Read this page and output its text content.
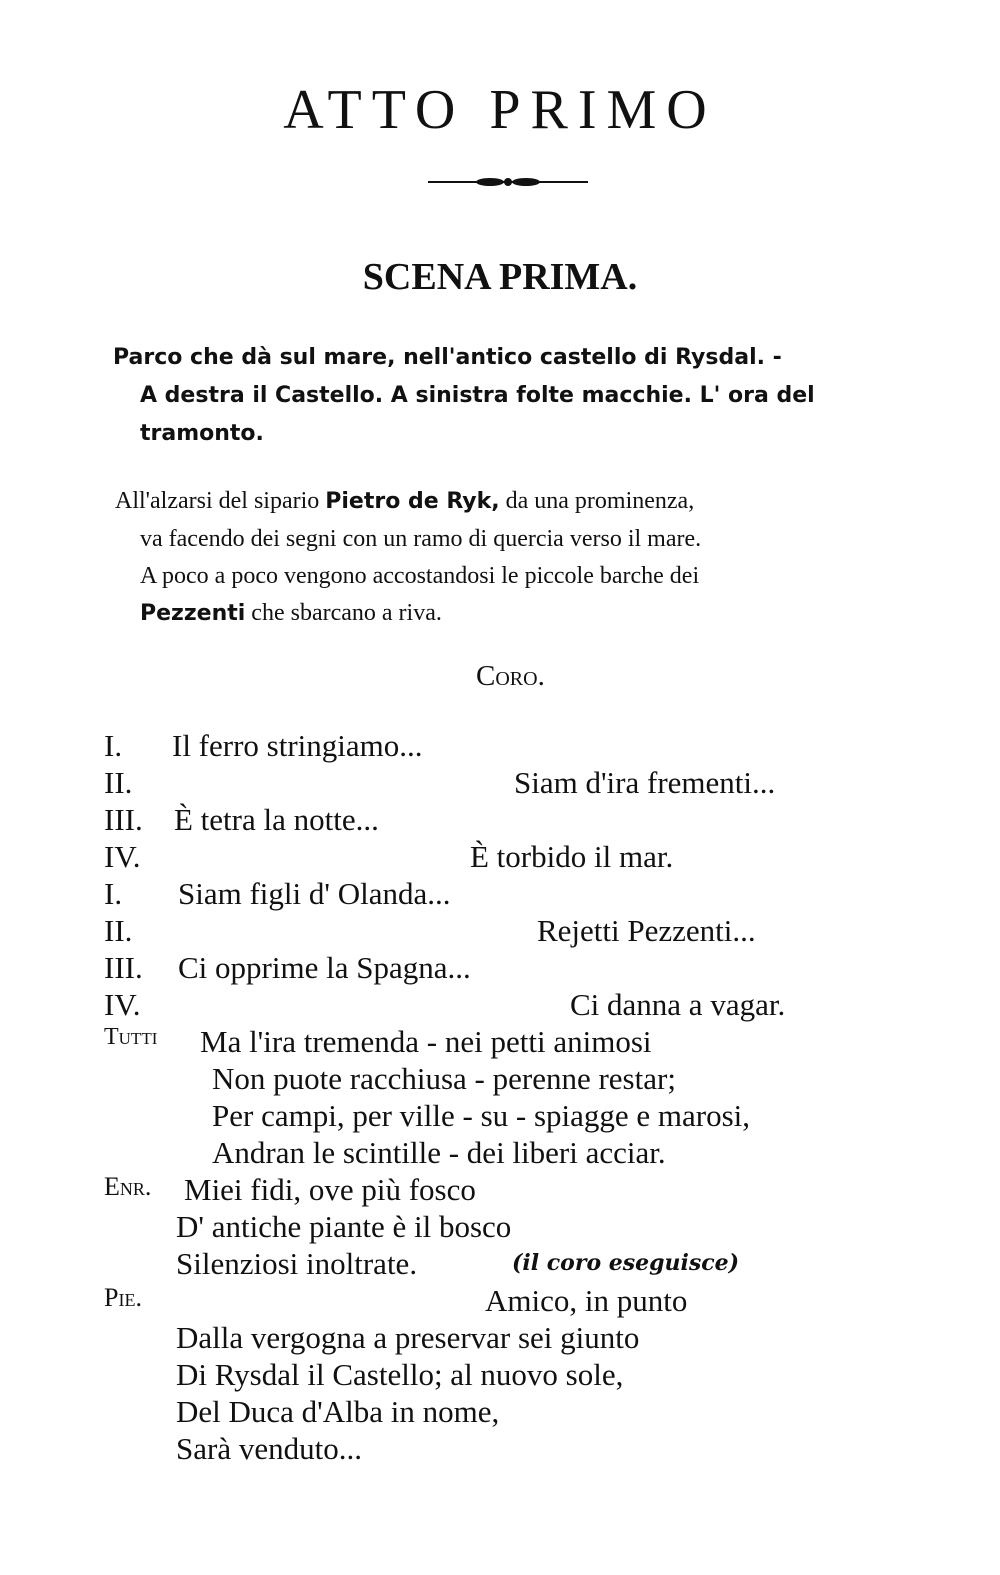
ATTO PRIMO
SCENA PRIMA.
Parco che dà sul mare, nell'antico castello di Rysdal. -
A destra il Castello. A sinistra folte macchie. L' ora del
tramonto.
All'alzarsi del sipario Pietro de Ryk, da una prominenza,
va facendo dei segni con un ramo di quercia verso il mare.
A poco a poco vengono accostandosi le piccole barche dei
Pezzenti che sbarcano a riva.
Coro.
I. Il ferro stringiamo...
II.	Siam d'ira frementi...
III. È tetra la notte...
IV.	È torbido il mar.
I. Siam figli d' Olanda...
II.	Rejetti Pezzenti...
III. Ci opprime la Spagna...
IV.	Ci danna a vagar.
Tutti Ma l'ira tremenda - nei petti animosi
Non puote racchiusa - perenne restar;
Per campi, per ville - su - spiagge e marosi,
Andran le scintille - dei liberi acciar.
Enr. Miei fidi, ove più fosco
D' antiche piante è il bosco
Silenziosi inoltrate.	(il coro eseguisce)
Pie.	Amico, in punto
Dalla vergogna a preservar sei giunto
Di Rysdal il Castello; al nuovo sole,
Del Duca d'Alba in nome,
Sarà venduto...
